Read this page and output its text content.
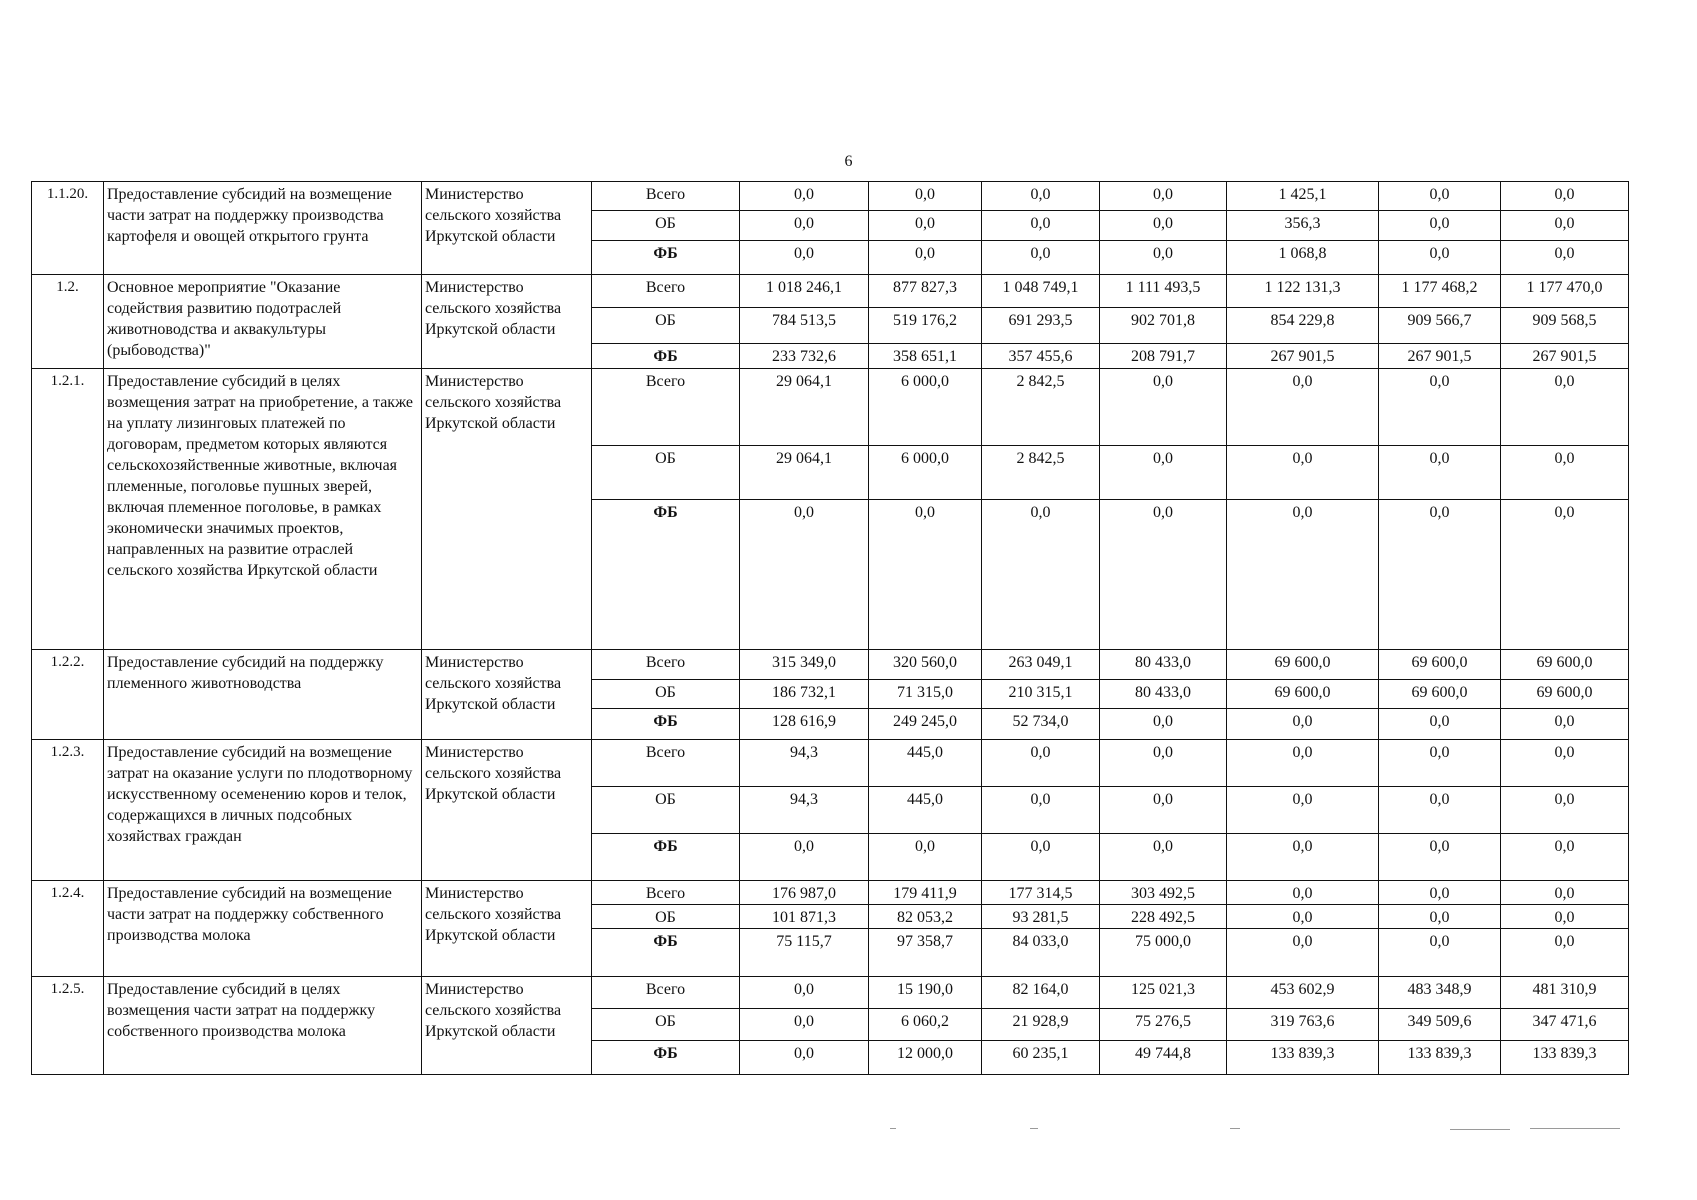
6
1.1.20.	Предоставление субсидий на возмещение части затрат на поддержку производства картофеля и овощей открытого грунта	Министерство сельского хозяйства Иркутской области	Всего	0,0	0,0	0,0	0,0	1 425,1	0,0	0,0
			ОБ	0,0	0,0	0,0	0,0	356,3	0,0	0,0
			ФБ	0,0	0,0	0,0	0,0	1 068,8	0,0	0,0
1.2.	Основное мероприятие "Оказание содействия развитию подотраслей животноводства и аквакультуры (рыбоводства)"	Министерство сельского хозяйства Иркутской области	Всего	1 018 246,1	877 827,3	1 048 749,1	1 111 493,5	1 122 131,3	1 177 468,2	1 177 470,0
			ОБ	784 513,5	519 176,2	691 293,5	902 701,8	854 229,8	909 566,7	909 568,5
			ФБ	233 732,6	358 651,1	357 455,6	208 791,7	267 901,5	267 901,5	267 901,5
1.2.1.	Предоставление субсидий в целях возмещения затрат на приобретение, а также на уплату лизинговых платежей по договорам, предметом которых являются сельскохозяйственные животные, включая племенные, поголовье пушных зверей, включая племенное поголовье, в рамках экономически значимых проектов, направленных на развитие отраслей сельского хозяйства Иркутской области	Министерство сельского хозяйства Иркутской области	Всего	29 064,1	6 000,0	2 842,5	0,0	0,0	0,0	0,0
			ОБ	29 064,1	6 000,0	2 842,5	0,0	0,0	0,0	0,0
			ФБ	0,0	0,0	0,0	0,0	0,0	0,0	0,0
1.2.2.	Предоставление субсидий на поддержку племенного животноводства	Министерство сельского хозяйства Иркутской области	Всего	315 349,0	320 560,0	263 049,1	80 433,0	69 600,0	69 600,0	69 600,0
			ОБ	186 732,1	71 315,0	210 315,1	80 433,0	69 600,0	69 600,0	69 600,0
			ФБ	128 616,9	249 245,0	52 734,0	0,0	0,0	0,0	0,0
1.2.3.	Предоставление субсидий на возмещение затрат на оказание услуги по плодотворному искусственному осеменению коров и телок, содержащихся в личных подсобных хозяйствах граждан	Министерство сельского хозяйства Иркутской области	Всего	94,3	445,0	0,0	0,0	0,0	0,0	0,0
			ОБ	94,3	445,0	0,0	0,0	0,0	0,0	0,0
			ФБ	0,0	0,0	0,0	0,0	0,0	0,0	0,0
1.2.4.	Предоставление субсидий на возмещение части затрат на поддержку собственного производства молока	Министерство сельского хозяйства Иркутской области	Всего	176 987,0	179 411,9	177 314,5	303 492,5	0,0	0,0	0,0
			ОБ	101 871,3	82 053,2	93 281,5	228 492,5	0,0	0,0	0,0
			ФБ	75 115,7	97 358,7	84 033,0	75 000,0	0,0	0,0	0,0
1.2.5.	Предоставление субсидий в целях возмещения части затрат на поддержку собственного производства молока	Министерство сельского хозяйства Иркутской области	Всего	0,0	15 190,0	82 164,0	125 021,3	453 602,9	483 348,9	481 310,9
			ОБ	0,0	6 060,2	21 928,9	75 276,5	319 763,6	349 509,6	347 471,6
			ФБ	0,0	12 000,0	60 235,1	49 744,8	133 839,3	133 839,3	133 839,3
